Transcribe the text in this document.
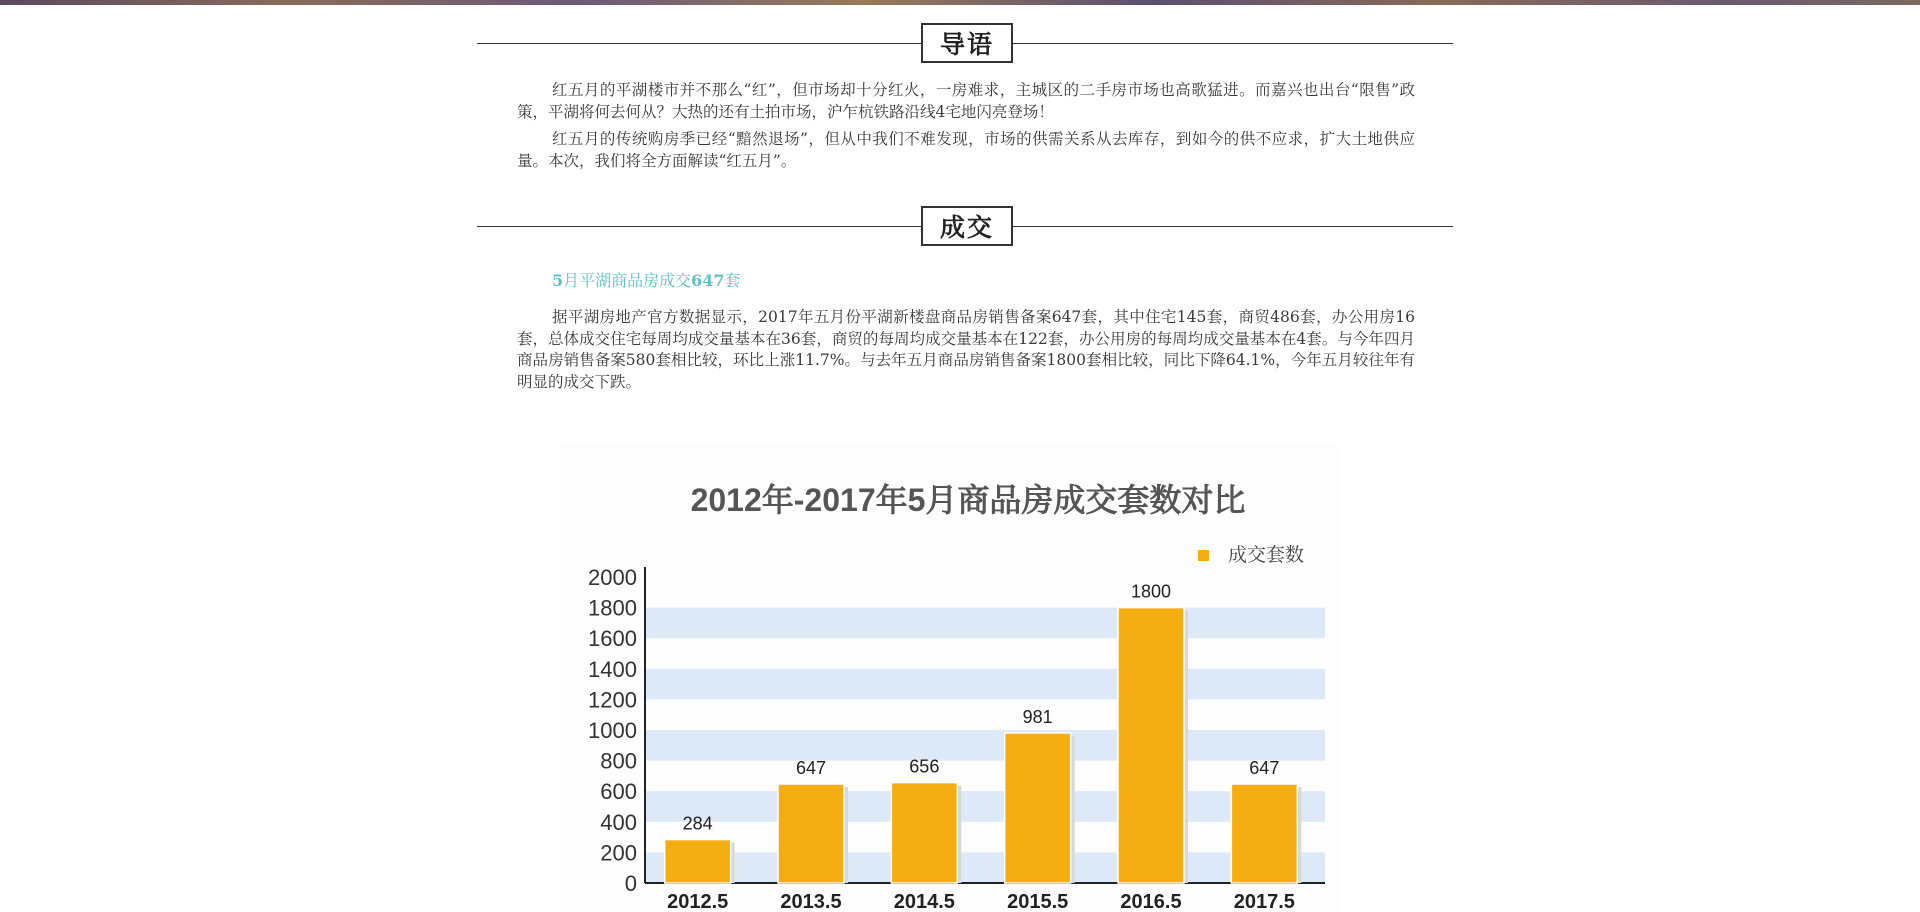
导语

红五月的平湖楼市并不那么“红”，但市场却十分红火，一房难求，主城区的二手房市场也高歌猛进。而嘉兴也出台“限售”政策，平湖将何去何从？大热的还有土拍市场，沪乍杭铁路沿线4宅地闪亮登场！

红五月的传统购房季已经“黯然退场”，但从中我们不难发现，市场的供需关系从去库存，到如今的供不应求，扩大土地供应量。本次，我们将全方面解读“红五月”。

成交

5月平湖商品房成交647套

据平湖房地产官方数据显示，2017年五月份平湖新楼盘商品房销售备案647套，其中住宅145套，商贸486套，办公用房16套，总体成交住宅每周均成交量基本在36套，商贸的每周均成交量基本在122套，办公用房的每周均成交量基本在4套。与今年四月商品房销售备案580套相比较，环比上涨11.7%。与去年五月商品房销售备案1800套相比较，同比下降64.1%，今年五月较往年有明显的成交下跌。

0
200
400
600
800
1000
1200
1400
1600
1800
2000
284
2012.5
647
2013.5
656
2014.5
981
2015.5
1800
2016.5
647
2017.5
2012年-2017年5月商品房成交套数对比
成交套数
